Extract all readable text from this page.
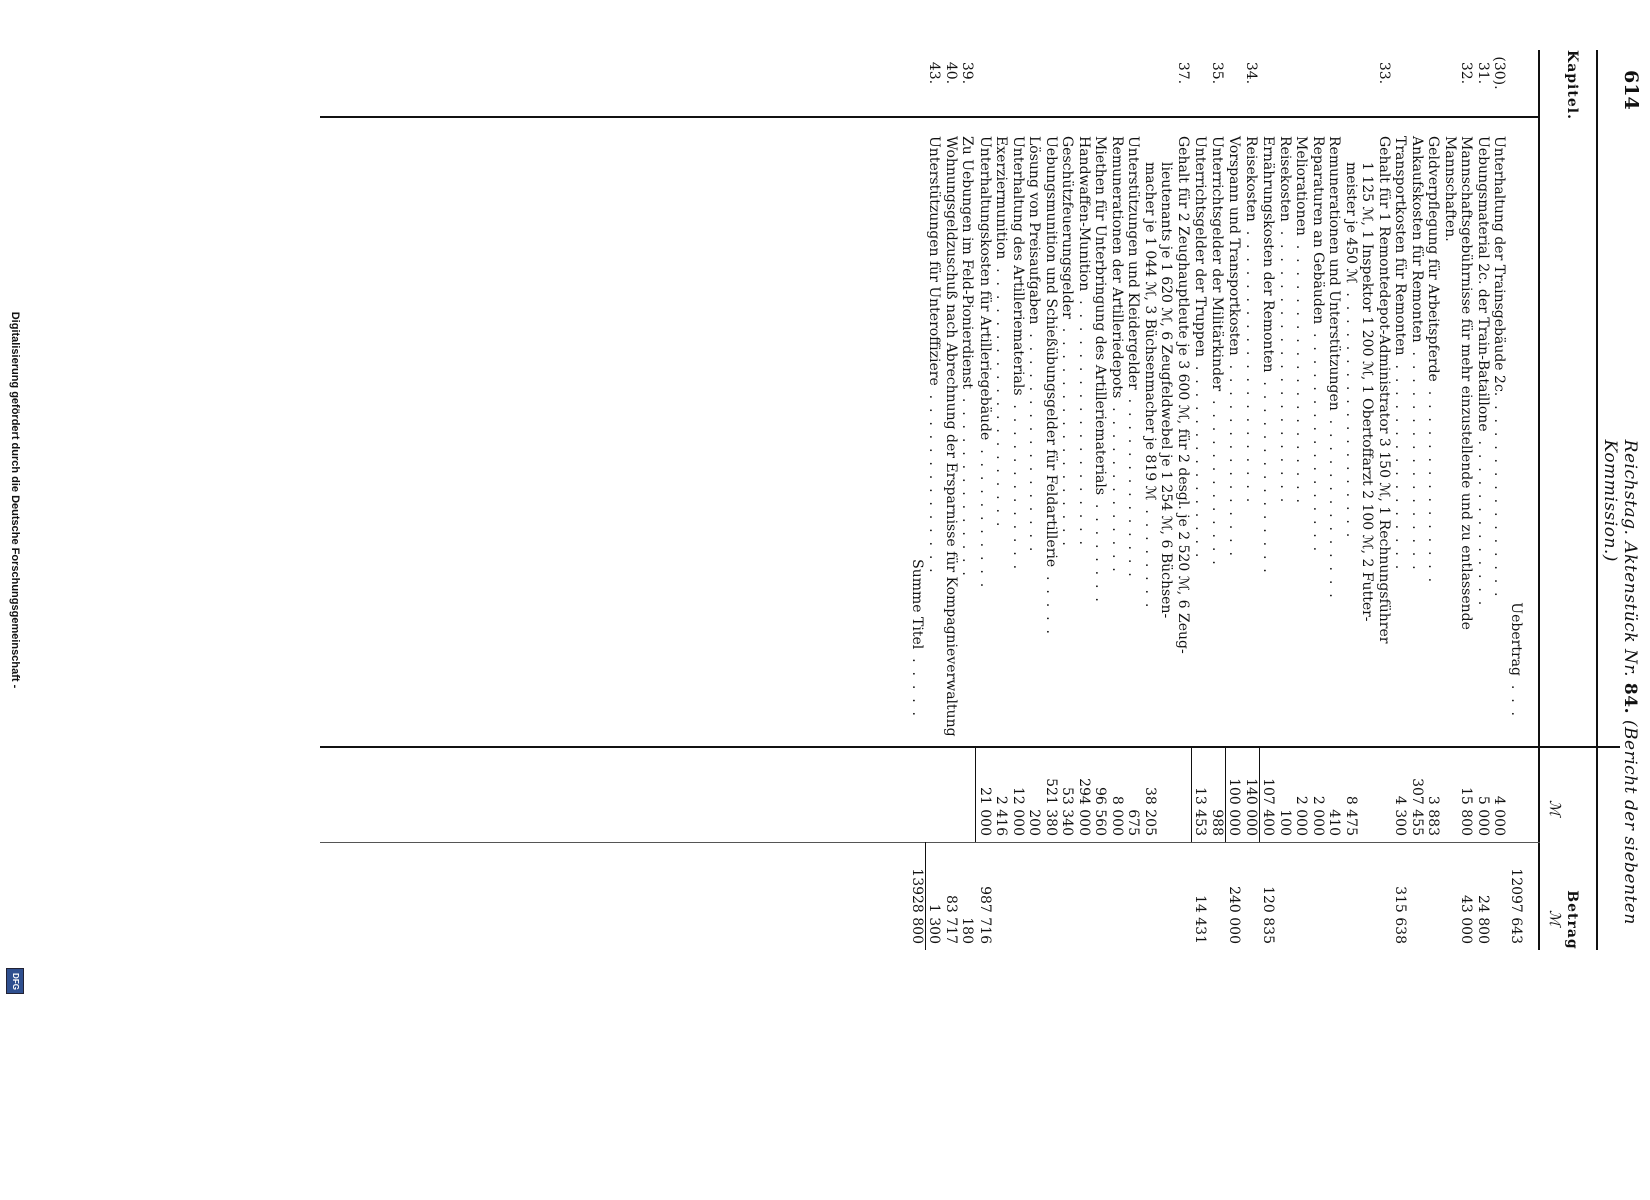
Digitalisierung gefördert durch die Deutsche Forschungsgemeinschaft -
DFG
614
Reichstag. Aktenstück Nr. 84. (Bericht der siebenten Kommission.)
Kapitel.
Betrag
ℳ
ℳ
Uebertrag  .  .  .
12097 643
(30).
Unterhaltung der Trainsgebäude 2c.  .  .  .  .  .  .  .  .  .  .  .  .  .  .  .
4 000
31.
Uebungsmaterial 2c. der Train-Bataillone  .  .  .  .  .  .  .  .  .  .  .  .  .
5 000
24 800
32.
Mannschaftsgebührnisse für mehr einzustellende und zu entlassende Mannschaften.
15 800
43 000
Geldverpflegung für Arbeitspferde  .  .  .  .  .  .  .  .  .  .  .  .  .  .  .
3 883
Ankaufskosten für Remonten  .  .  .  .  .  .  .  .  .  .  .  .  .  .  .  .  .
307 455
Transportkosten für Remonten  .  .  .  .  .  .  .  .  .  .  .  .  .  .  .  .
4 300
315 638
33.
Gehalt für 1 Remontedepot-Administrator 3 150 ℳ, 1 Rechnungsführer
1 125 ℳ, 1 Inspektor 1 200 ℳ, 1 Obertoffarzt 2 100 ℳ, 2 Futter-
meister je 450 ℳ  .  .  .  .  .  .  .  .  .  .  .  .  .  .  .  .  .  .  .
8 475
Remunerationen und Unterstützungen  .  .  .  .  .  .  .  .  .  .  .  .  .  .
410
Reparaturen an Gebäuden  .  .  .  .  .  .  .  .  .  .  .  .  .  .  .  .  .
2 000
Meliorationen  .  .  .  .  .  .  .  .  .  .  .  .  .  .  .  .  .  .  .  .
2 000
Reisekosten  .  .  .  .  .  .  .  .  .  .  .  .  .  .  .  .  .  .  .  .  .
100
Ernährungskosten der Remonten  .  .  .  .  .  .  .  .  .  .  .  .  .  .  .
107 400
120 835
34.
Reisekosten  .  .  .  .  .  .  .  .  .  .  .  .  .  .  .  .  .  .  .  .  .
140 000
Vorspann und Transportkosten  .  .  .  .  .  .  .  .  .  .  .  .  .  .  .
100 000
240 000
35.
Unterrichtsgelder der Militärkinder  .  .  .  .  .  .  .  .  .  .  .  .  .
988
Unterrichtsgelder der Truppen  .  .  .  .  .  .  .  .  .  .  .  .  .  .  .
13 453
14 431
37.
Gehalt für 2 Zeughauptleute je 3 600 ℳ, für 2 desgl. je 2 520 ℳ, 6 Zeug-
lieutenants je 1 620 ℳ, 6 Zeugfeldwebel je 1 254 ℳ, 6 Büchsen-
macher je 1 044 ℳ, 3 Büchsenmacher je 819 ℳ  .  .  .  .  .  .  .  .
38 205
Unterstützungen und Kleidergelder  .  .  .  .  .  .  .  .  .  .  .  .  .  .
675
Remunerationen der Artilleriedepots  .  .  .  .  .  .  .  .  .  .  .  .  .
8 000
Miethen für Unterbringung des Artilleriematerials  .  .  .  .  .  .  .  .
96 560
Handwaffen-Munition  .  .  .  .  .  .  .  .  .  .  .  .  .  .  .  .  .  .  .
294 000
Geschützfeuerungsgelder  .  .  .  .  .  .  .  .  .  .  .  .  .  .  .  .  .
53 340
Uebungsmunition und Schießübungsgelder für Feldartillerie  .  .  .  .  .
521 380
Lösung von Preisaufgaben  .  .  .  .  .  .  .  .  .  .  .  .  .  .  .  .  .
200
Unterhaltung des Artilleriematerials  .  .  .  .  .  .  .  .  .  .  .  .  .
12 000
Exerziermunition  .  .  .  .  .  .  .  .  .  .  .  .  .  .  .  .  .  .  .  .
2 416
Unterhaltungskosten für Artilleriegebäude  .  .  .  .  .  .  .  .  .  .  .
21 000
987 716
39.
Zu Uebungen im Feld-Pionierdienst  .  .  .  .  .  .  .  .  .  .  .  .  .  .
180
40.
Wohnungsgeldzuschuß nach Abrechnung der Ersparnisse für Kompagnieverwaltung
83 717
43.
Unterstützungen für Unteroffiziere  .  .  .  .  .  .  .  .  .  .  .  .  .  .
1 300
Summe Titel  .  .  .  .  .
13928 800
